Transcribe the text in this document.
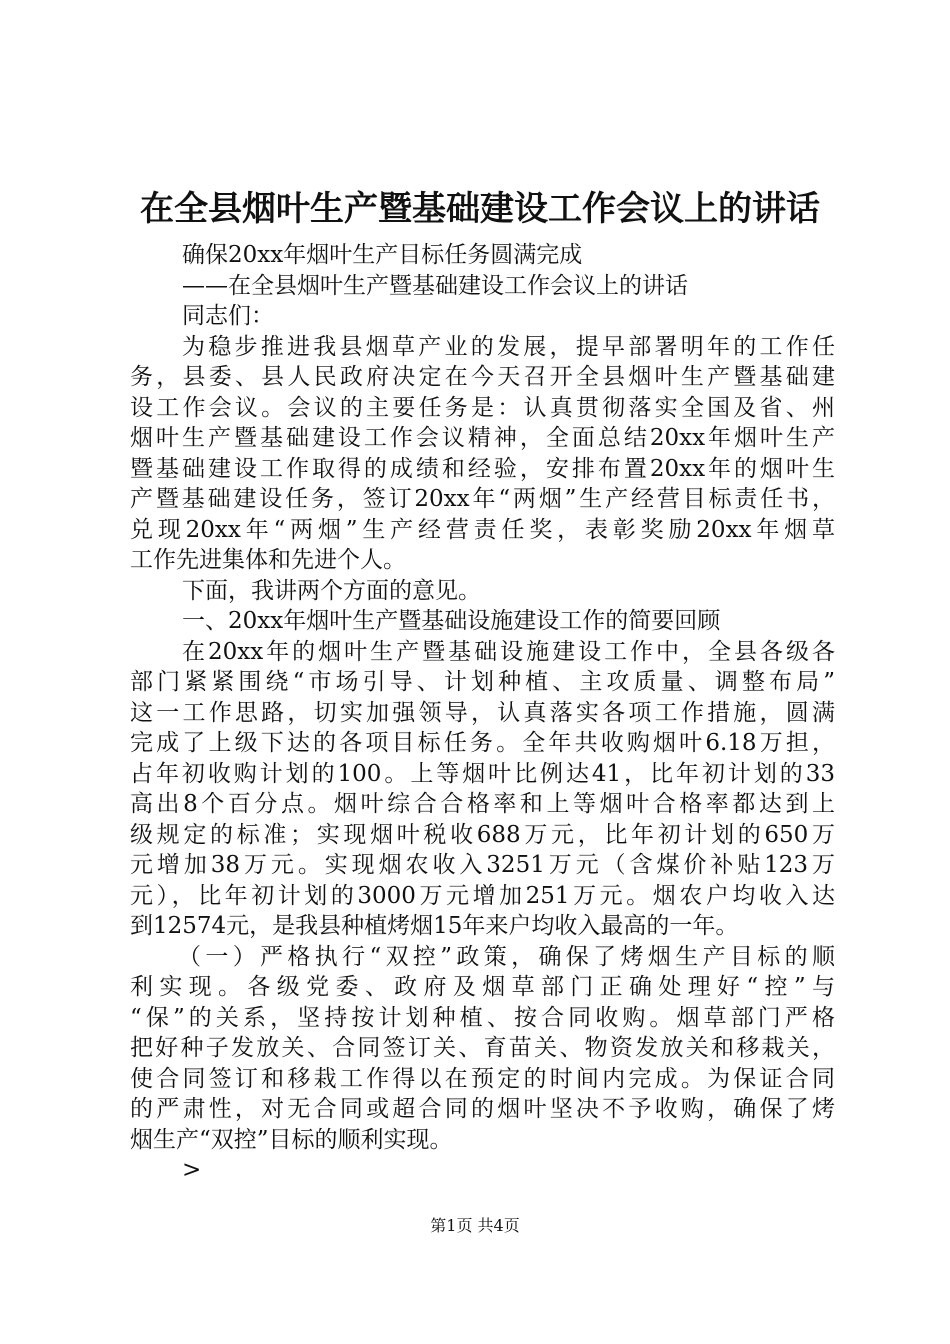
在全县烟叶生产暨基础建设工作会议上的讲话
确保20xx年烟叶生产目标任务圆满完成
——在全县烟叶生产暨基础建设工作会议上的讲话
同志们：
为稳步推进我县烟草产业的发展，提早部署明年的工作任
务，县委、县人民政府决定在今天召开全县烟叶生产暨基础建
设工作会议。会议的主要任务是：认真贯彻落实全国及省、州
烟叶生产暨基础建设工作会议精神，全面总结20xx年烟叶生产
暨基础建设工作取得的成绩和经验，安排布置20xx年的烟叶生
产暨基础建设任务，签订20xx年“两烟”生产经营目标责任书，
兑现20xx年“两烟”生产经营责任奖，表彰奖励20xx年烟草
工作先进集体和先进个人。
下面，我讲两个方面的意见。
一、20xx年烟叶生产暨基础设施建设工作的简要回顾
在20xx年的烟叶生产暨基础设施建设工作中，全县各级各
部门紧紧围绕“市场引导、计划种植、主攻质量、调整布局”
这一工作思路，切实加强领导，认真落实各项工作措施，圆满
完成了上级下达的各项目标任务。全年共收购烟叶6.18万担，
占年初收购计划的100。上等烟叶比例达41，比年初计划的33
高出8个百分点。烟叶综合合格率和上等烟叶合格率都达到上
级规定的标准；实现烟叶税收688万元，比年初计划的650万
元增加38万元。实现烟农收入3251万元（含煤价补贴123万
元），比年初计划的3000万元增加251万元。烟农户均收入达
到12574元，是我县种植烤烟15年来户均收入最高的一年。
（一）严格执行“双控”政策，确保了烤烟生产目标的顺
利实现。各级党委、政府及烟草部门正确处理好“控”与
“保”的关系，坚持按计划种植、按合同收购。烟草部门严格
把好种子发放关、合同签订关、育苗关、物资发放关和移栽关，
使合同签订和移栽工作得以在预定的时间内完成。为保证合同
的严肃性，对无合同或超合同的烟叶坚决不予收购，确保了烤
烟生产“双控”目标的顺利实现。
>
第1页 共4页
